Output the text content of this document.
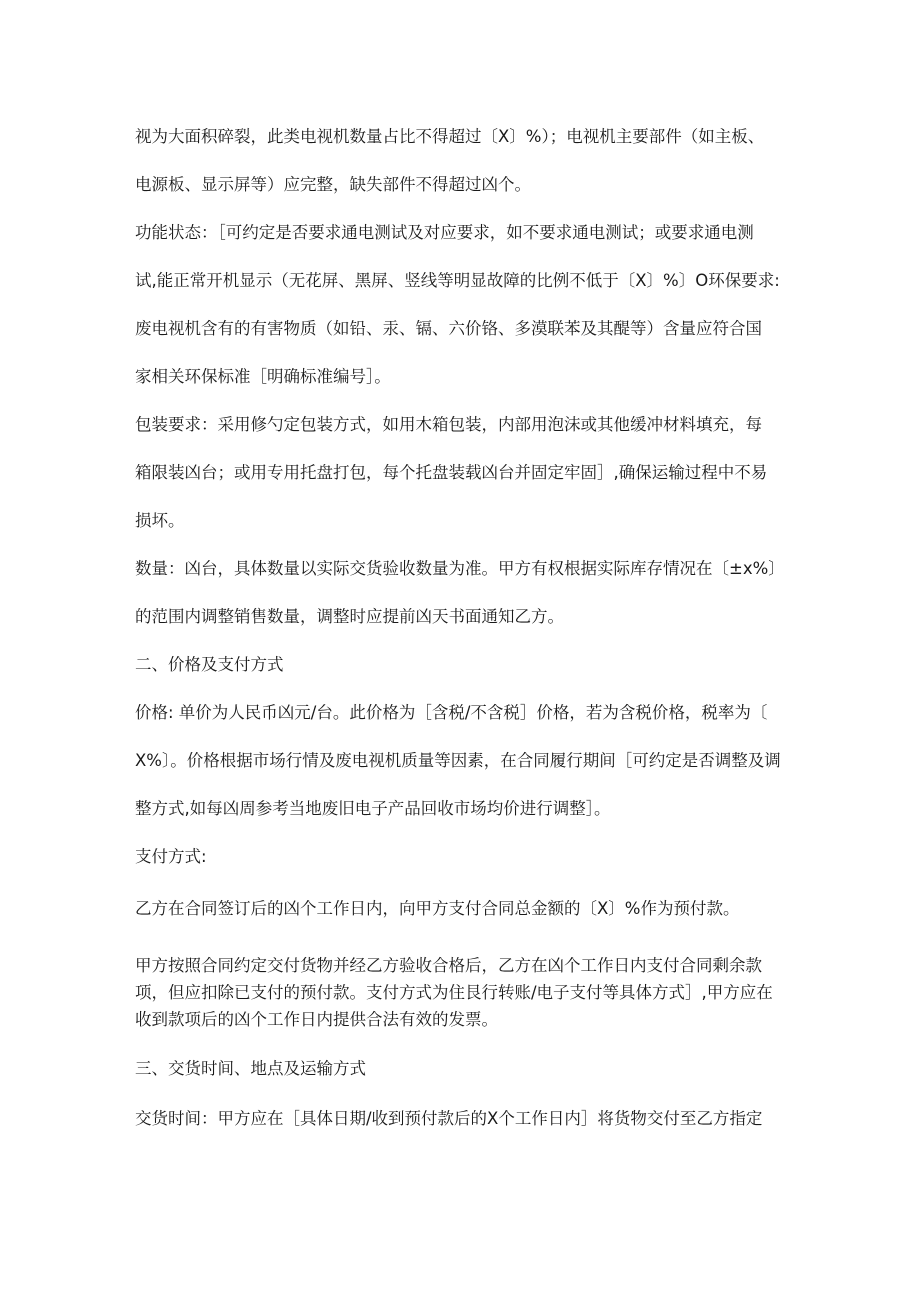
视为大面积碎裂，此类电视机数量占比不得超过〔X〕%）；电视机主要部件（如主板、

电源板、显示屏等）应完整，缺失部件不得超过凶个。

功能状态：［可约定是否要求通电测试及对应要求，如不要求通电测试；或要求通电测

试,能正常开机显示（无花屏、黑屏、竖线等明显故障的比例不低于〔X〕%〕O环保要求:

废电视机含有的有害物质（如铅、汞、镉、六价铬、多漠联苯及其醍等）含量应符合国

家相关环保标准［明确标准编号］。

包装要求：采用修勺定包装方式，如用木箱包装，内部用泡沫或其他缓冲材料填充，每

箱限装凶台；或用专用托盘打包，每个托盘装载凶台并固定牢固］,确保运输过程中不易

损坏。

数量：凶台，具体数量以实际交货验收数量为准。甲方有权根据实际库存情况在〔±x%〕

的范围内调整销售数量，调整时应提前凶天书面通知乙方。

二、价格及支付方式

价格: 单价为人民币凶元/台。此价格为［含税/不含税］价格，若为含税价格，税率为〔

X%〕。价格根据市场行情及废电视机质量等因素，在合同履行期间［可约定是否调整及调

整方式,如每凶周参考当地废旧电子产品回收市场均价进行调整］。

支付方式:

乙方在合同签订后的凶个工作日内，向甲方支付合同总金额的〔X〕%作为预付款。

甲方按照合同约定交付货物并经乙方验收合格后，乙方在凶个工作日内支付合同剩余款

项，但应扣除已支付的预付款。支付方式为住艮行转账/电子支付等具体方式］,甲方应在

收到款项后的凶个工作日内提供合法有效的发票。

三、交货时间、地点及运输方式

交货时间：甲方应在［具体日期/收到预付款后的X个工作日内］将货物交付至乙方指定
